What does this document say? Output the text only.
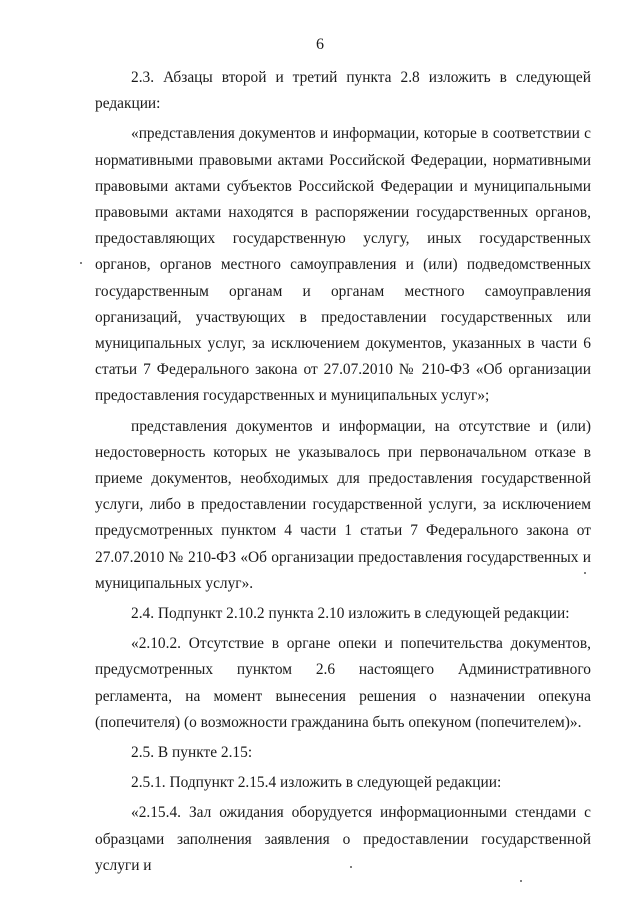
6

2.3. Абзацы второй и третий пункта 2.8 изложить в следующей редакции:

«представления документов и информации, которые в соответствии с нормативными правовыми актами Российской Федерации, нормативными правовыми актами субъектов Российской Федерации и муниципальными правовыми актами находятся в распоряжении государственных органов, предоставляющих государственную услугу, иных государственных органов, органов местного самоуправления и (или) подведомственных государственным органам и органам местного самоуправления организаций, участвующих в предоставлении государственных или муниципальных услуг, за исключением документов, указанных в части 6 статьи 7 Федерального закона от 27.07.2010 № 210-ФЗ «Об организации предоставления государственных и муниципальных услуг»;

представления документов и информации, на отсутствие и (или) недостоверность которых не указывалось при первоначальном отказе в приеме документов, необходимых для предоставления государственной услуги, либо в предоставлении государственной услуги, за исключением предусмотренных пунктом 4 части 1 статьи 7 Федерального закона от 27.07.2010 № 210-ФЗ «Об организации предоставления государственных и муниципальных услуг».

2.4. Подпункт 2.10.2 пункта 2.10 изложить в следующей редакции:

«2.10.2. Отсутствие в органе опеки и попечительства документов, предусмотренных пунктом 2.6 настоящего Административного регламента, на момент вынесения решения о назначении опекуна (попечителя) (о возможности гражданина быть опекуном (попечителем)».

2.5. В пункте 2.15:

2.5.1. Подпункт 2.15.4 изложить в следующей редакции:

«2.15.4. Зал ожидания оборудуется информационными стендами с образцами заполнения заявления о предоставлении государственной услуги и
